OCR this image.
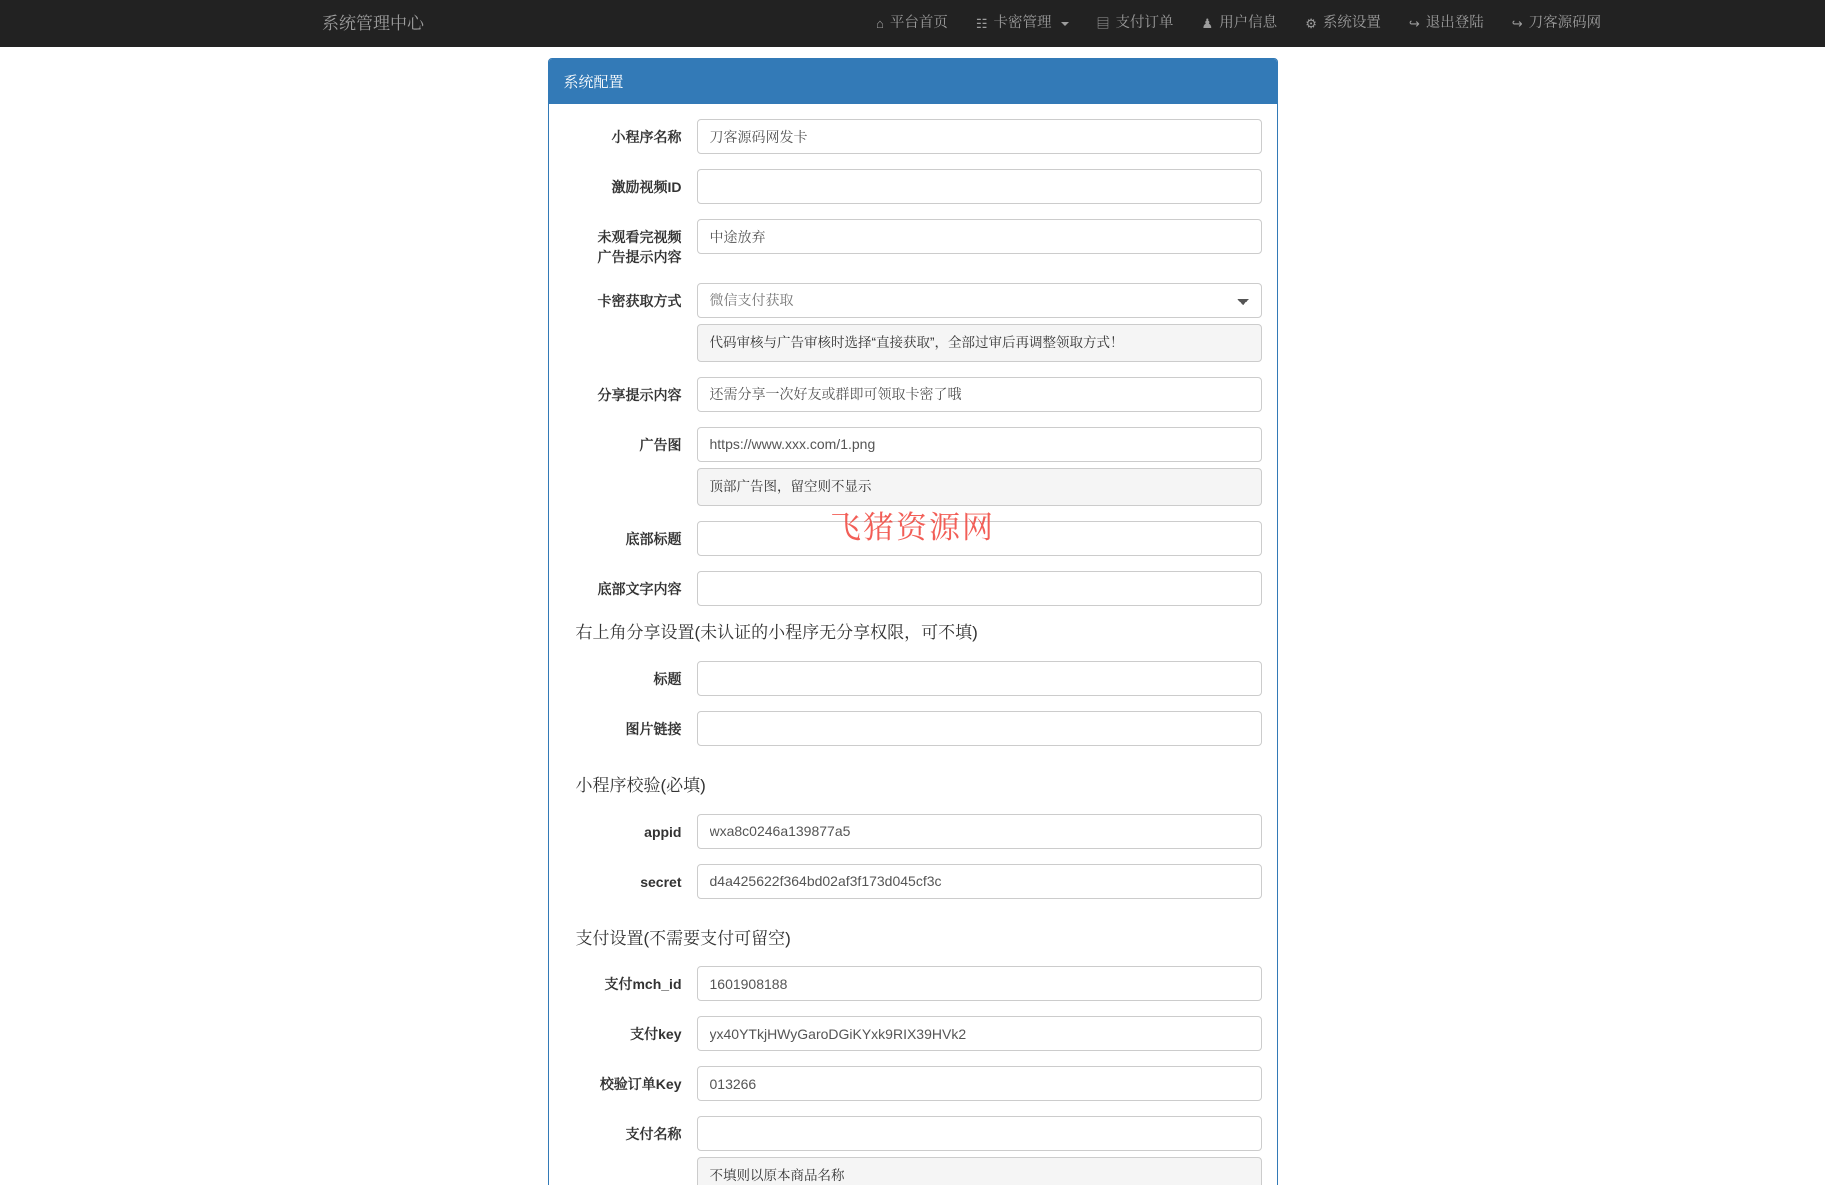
系统管理中心	⌂ 平台首页 ☷ 卡密管理	▤ 支付订单 ♟ 用户信息 ⚙ 系统设置 ↪ 退出登陆 ↪ 刀客源码网
系统配置
飞猪资源网
小程序名称
刀客源码网发卡
激励视频ID
未观看完视频
广告提示内容
中途放弃
卡密获取方式
微信支付获取
代码审核与广告审核时选择“直接获取”，全部过审后再调整领取方式！
分享提示内容
还需分享一次好友或群即可领取卡密了哦
广告图
https://www.xxx.com/1.png
顶部广告图，留空则不显示
底部标题
底部文字内容
右上角分享设置(未认证的小程序无分享权限，可不填)
标题
图片链接
小程序校验(必填)
appid
wxa8c0246a139877a5
secret
d4a425622f364bd02af3f173d045cf3c
支付设置(不需要支付可留空)
支付mch_id
1601908188
支付key
yx40YTkjHWyGaroDGiKYxk9RIX39HVk2
校验订单Key
013266
支付名称
不填则以原本商品名称
